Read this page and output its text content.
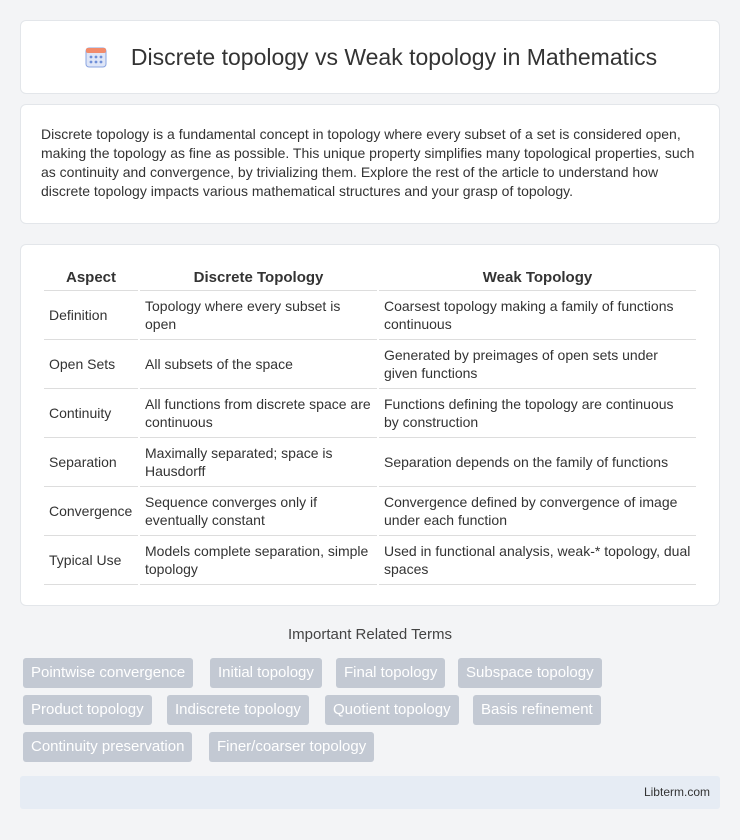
Discrete topology vs Weak topology in Mathematics

Discrete topology is a fundamental concept in topology where every subset of a set is considered open, making the topology as fine as possible. This unique property simplifies many topological properties, such as continuity and convergence, by trivializing them. Explore the rest of the article to understand how discrete topology impacts various mathematical structures and your grasp of topology.

Aspect	Discrete Topology	Weak Topology
Definition	Topology where every subset is open	Coarsest topology making a family of functions continuous
Open Sets	All subsets of the space	Generated by preimages of open sets under given functions
Continuity	All functions from discrete space are continuous	Functions defining the topology are continuous by construction
Separation	Maximally separated; space is Hausdorff	Separation depends on the family of functions
Convergence	Sequence converges only if eventually constant	Convergence defined by convergence of image under each function
Typical Use	Models complete separation, simple topology	Used in functional analysis, weak-* topology, dual spaces
Important Related Terms
Pointwise convergence	Initial topology	Final topology	Subspace topology
Product topology	Indiscrete topology	Quotient topology	Basis refinement
Continuity preservation	Finer/coarser topology
Libterm.com
